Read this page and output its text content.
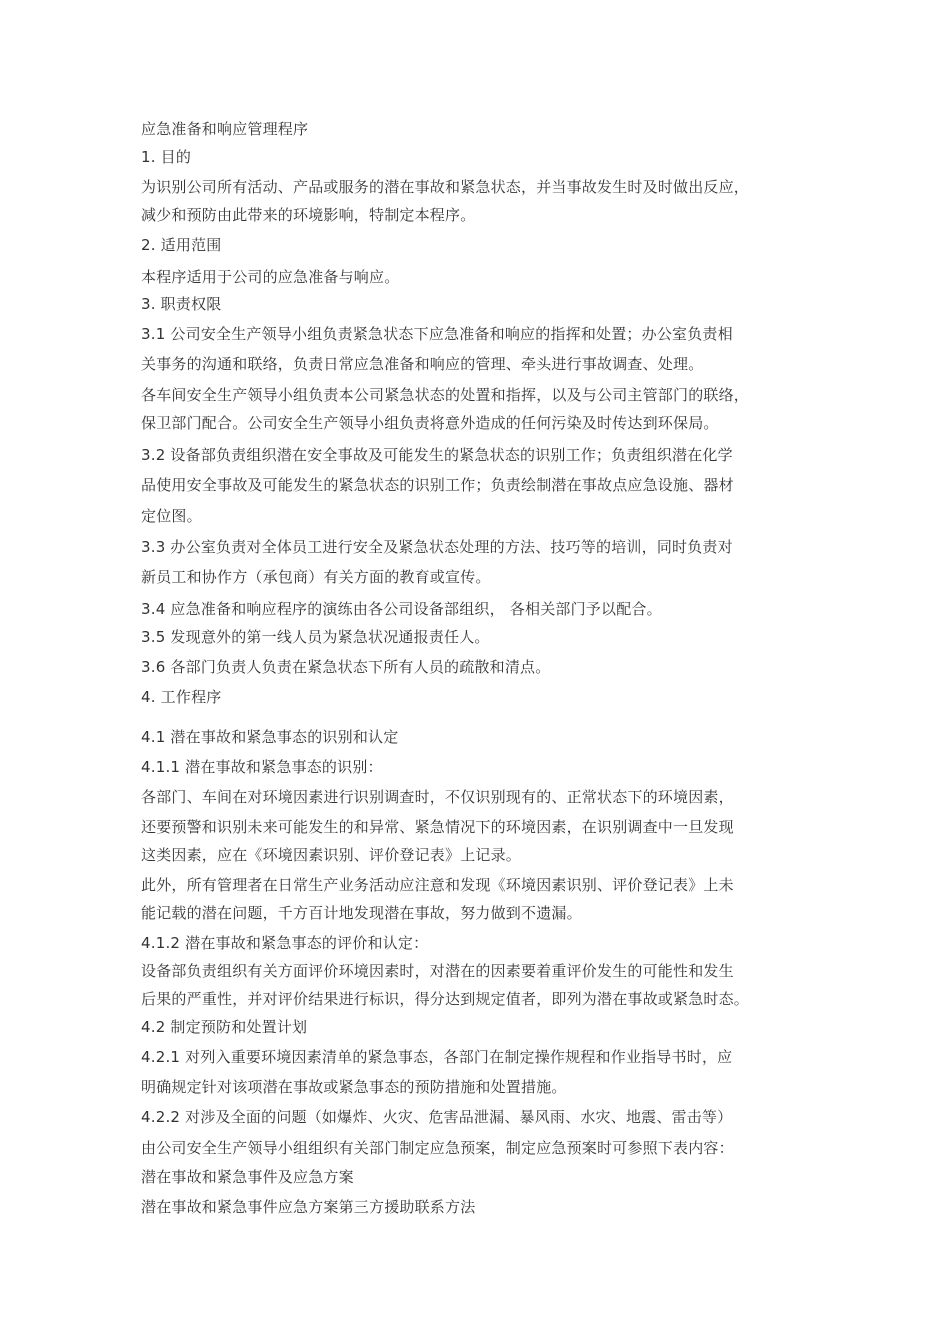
应急准备和响应管理程序
1. 目的
为识别公司所有活动、产品或服务的潜在事故和紧急状态，并当事故发生时及时做出反应，
减少和预防由此带来的环境影响，特制定本程序。
2. 适用范围
本程序适用于公司的应急准备与响应。
3. 职责权限
3.1 公司安全生产领导小组负责紧急状态下应急准备和响应的指挥和处置；办公室负责相
关事务的沟通和联络，负责日常应急准备和响应的管理、牵头进行事故调查、处理。
各车间安全生产领导小组负责本公司紧急状态的处置和指挥，以及与公司主管部门的联络，
保卫部门配合。公司安全生产领导小组负责将意外造成的任何污染及时传达到环保局。
3.2 设备部负责组织潜在安全事故及可能发生的紧急状态的识别工作；负责组织潜在化学
品使用安全事故及可能发生的紧急状态的识别工作；负责绘制潜在事故点应急设施、器材
定位图。
3.3 办公室负责对全体员工进行安全及紧急状态处理的方法、技巧等的培训，同时负责对
新员工和协作方（承包商）有关方面的教育或宣传。
3.4 应急准备和响应程序的演练由各公司设备部组织， 各相关部门予以配合。
3.5 发现意外的第一线人员为紧急状况通报责任人。
3.6 各部门负责人负责在紧急状态下所有人员的疏散和清点。
4. 工作程序
4.1 潜在事故和紧急事态的识别和认定
4.1.1 潜在事故和紧急事态的识别：
各部门、车间在对环境因素进行识别调查时，不仅识别现有的、正常状态下的环境因素，
还要预警和识别未来可能发生的和异常、紧急情况下的环境因素，在识别调查中一旦发现
这类因素，应在《环境因素识别、评价登记表》上记录。
此外，所有管理者在日常生产业务活动应注意和发现《环境因素识别、评价登记表》上未
能记载的潜在问题，千方百计地发现潜在事故，努力做到不遗漏。
4.1.2 潜在事故和紧急事态的评价和认定：
设备部负责组织有关方面评价环境因素时，对潜在的因素要着重评价发生的可能性和发生
后果的严重性，并对评价结果进行标识，得分达到规定值者，即列为潜在事故或紧急时态。
4.2 制定预防和处置计划
4.2.1 对列入重要环境因素清单的紧急事态，各部门在制定操作规程和作业指导书时，应
明确规定针对该项潜在事故或紧急事态的预防措施和处置措施。
4.2.2 对涉及全面的问题（如爆炸、火灾、危害品泄漏、暴风雨、水灾、地震、雷击等）
由公司安全生产领导小组组织有关部门制定应急预案，制定应急预案时可参照下表内容：
潜在事故和紧急事件及应急方案
潜在事故和紧急事件应急方案第三方援助联系方法
